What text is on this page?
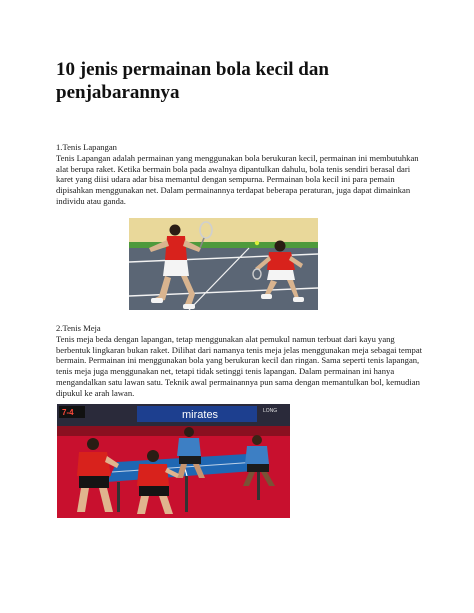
10 jenis permainan bola kecil dan penjabarannya
1.Tenis Lapangan
Tenis Lapangan adalah permainan yang menggunakan bola berukuran kecil, permainan ini membutuhkan alat berupa raket. Ketika bermain bola pada awalnya dipantulkan dahulu, bola tenis sendiri berasal dari karet yang diisi udara adar bisa memantul dengan sempurna. Permainan bola kecil ini para pemain dipisahkan menggunakan net. Dalam permainannya terdapat beberapa peraturan, juga dapat dimainkan individu atau ganda.
2.Tenis Meja
Tenis meja beda dengan lapangan, tetap menggunakan alat pemukul namun terbuat dari kayu yang berbentuk lingkaran bukan raket. Dilihat dari namanya tenis meja jelas menggunakan meja sebagai tempat bermain. Permainan ini menggunakan bola yang berukuran kecil dan ringan. Sama seperti tenis lapangan, tenis meja juga menggunakan net, tetapi tidak setinggi tenis lapangan. Dalam permainan ini hanya mengandalkan satu lawan satu. Teknik awal permainannya pun sama dengan memantulkan bol, kemudian dipukul ke arah lawan.
7-4	mirates	LONG
